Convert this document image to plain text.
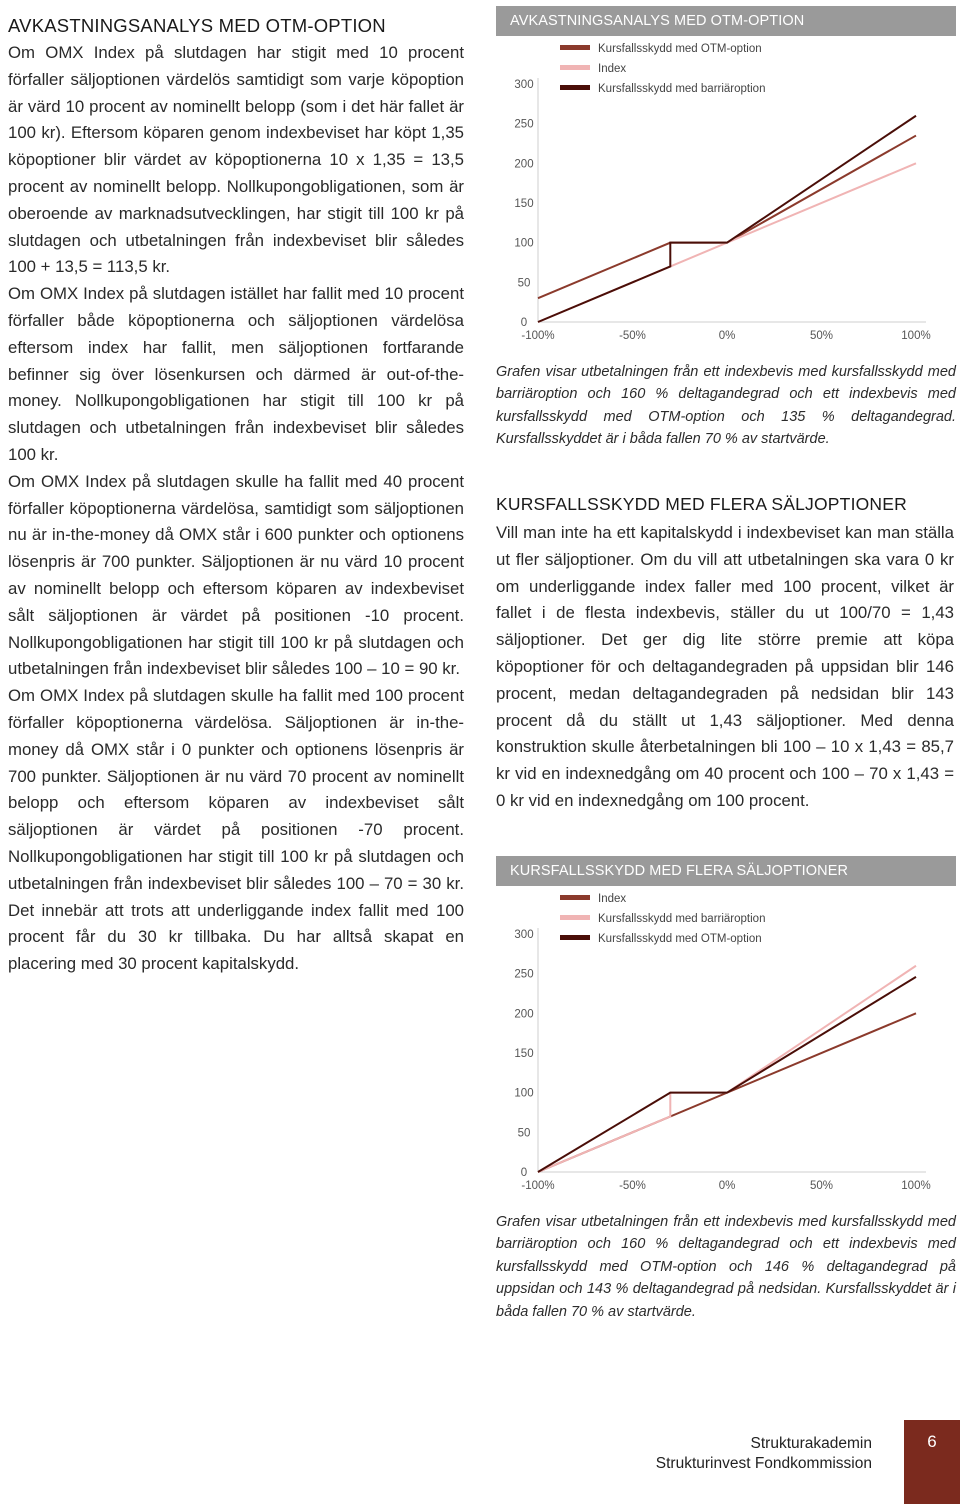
AVKASTNINGSANALYS MED OTM-OPTION

Om OMX Index på slutdagen har stigit med 10 procent förfaller säljoptionen värdelös samtidigt som varje köpoption är värd 10 procent av nominellt belopp (som i det här fallet är 100 kr). Eftersom köparen genom indexbeviset har köpt 1,35 köpoptioner blir värdet av köpoptionerna 10 x 1,35 = 13,5 procent av nominellt belopp. Nollkupongobligationen, som är oberoende av marknadsutvecklingen, har stigit till 100 kr på slutdagen och utbetalningen från indexbeviset blir således 100 + 13,5 = 113,5 kr.

Om OMX Index på slutdagen istället har fallit med 10 procent förfaller både köpoptionerna och säljoptionen värdelösa eftersom index har fallit, men säljoptionen fortfarande befinner sig över lösenkursen och därmed är out-of-the-money. Nollkupongobligationen har stigit till 100 kr på slutdagen och utbetalningen från indexbeviset blir således 100 kr.

Om OMX Index på slutdagen skulle ha fallit med 40 procent förfaller köpoptionerna värdelösa, samtidigt som säljoptionen nu är in-the-money då OMX står i 600 punkter och optionens lösenpris är 700 punkter. Säljoptionen är nu värd 10 procent av nominellt belopp och eftersom köparen av indexbeviset sålt säljoptionen är värdet på positionen -10 procent. Nollkupongobligationen har stigit till 100 kr på slutdagen och utbetalningen från indexbeviset blir således 100 – 10 = 90 kr.

Om OMX Index på slutdagen skulle ha fallit med 100 procent förfaller köpoptionerna värdelösa. Säljoptionen är in-the-money då OMX står i 0 punkter och optionens lösenpris är 700 punkter. Säljoptionen är nu värd 70 procent av nominellt belopp och eftersom köparen av indexbeviset sålt säljoptionen är värdet på positionen -70 procent. Nollkupongobligationen har stigit till 100 kr på slutdagen och utbetalningen från indexbeviset blir således 100 – 70 = 30 kr. Det innebär att trots att underliggande index fallit med 100 procent får du 30 kr tillbaka. Du har alltså skapat en placering med 30 procent kapitalskydd.

AVKASTNINGSANALYS MED OTM-OPTION
300
250
200
150
100
50
0
-100%	-50%	0%	50%	100%
Kursfallsskydd med OTM-option
Index
Kursfallsskydd med barriäroption
Grafen visar utbetalningen från ett indexbevis med kursfallsskydd med barriäroption och 160 % deltagandegrad och ett indexbevis med kursfallsskydd med OTM-option och 135 % deltagandegrad. Kursfallsskyddet är i båda fallen 70 % av startvärde.
KURSFALLSSKYDD MED FLERA SÄLJOPTIONER

Vill man inte ha ett kapitalskydd i indexbeviset kan man ställa ut fler säljoptioner. Om du vill att utbetalningen ska vara 0 kr om underliggande index faller med 100 procent, vilket är fallet i de flesta indexbevis, ställer du ut 100/70 = 1,43 säljoptioner. Det ger dig lite större premie att köpa köpoptioner för och deltagandegraden på uppsidan blir 146 procent, medan deltagandegraden på nedsidan blir 143 procent då du ställt ut 1,43 säljoptioner. Med denna konstruktion skulle återbetalningen bli 100 – 10 x 1,43 = 85,7 kr vid en indexnedgång om 40 procent och 100 – 70 x 1,43 = 0 kr vid en indexnedgång om 100 procent.

KURSFALLSSKYDD MED FLERA SÄLJOPTIONER
300
250
200
150
100
50
0
-100%	-50%	0%	50%	100%
Index
Kursfallsskydd med barriäroption
Kursfallsskydd med OTM-option
Grafen visar utbetalningen från ett indexbevis med kursfallsskydd med barriäroption och 160 % deltagandegrad och ett indexbevis med kursfallsskydd med OTM-option och 146 % deltagandegrad på uppsidan och 143 % deltagandegrad på nedsidan. Kursfallsskyddet är i båda fallen 70 % av startvärde.
Strukturakademin
Strukturinvest Fondkommission
6
